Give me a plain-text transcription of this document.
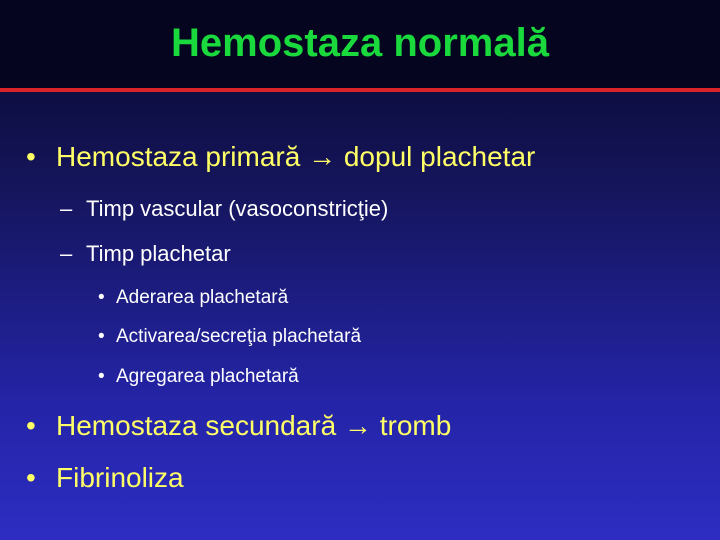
Hemostaza normală
• Hemostaza primară → dopul plachetar
– Timp vascular (vasoconstricţie)
– Timp plachetar
• Aderarea plachetară
• Activarea/secreţia plachetară
• Agregarea plachetară
• Hemostaza secundară → tromb
• Fibrinoliza
